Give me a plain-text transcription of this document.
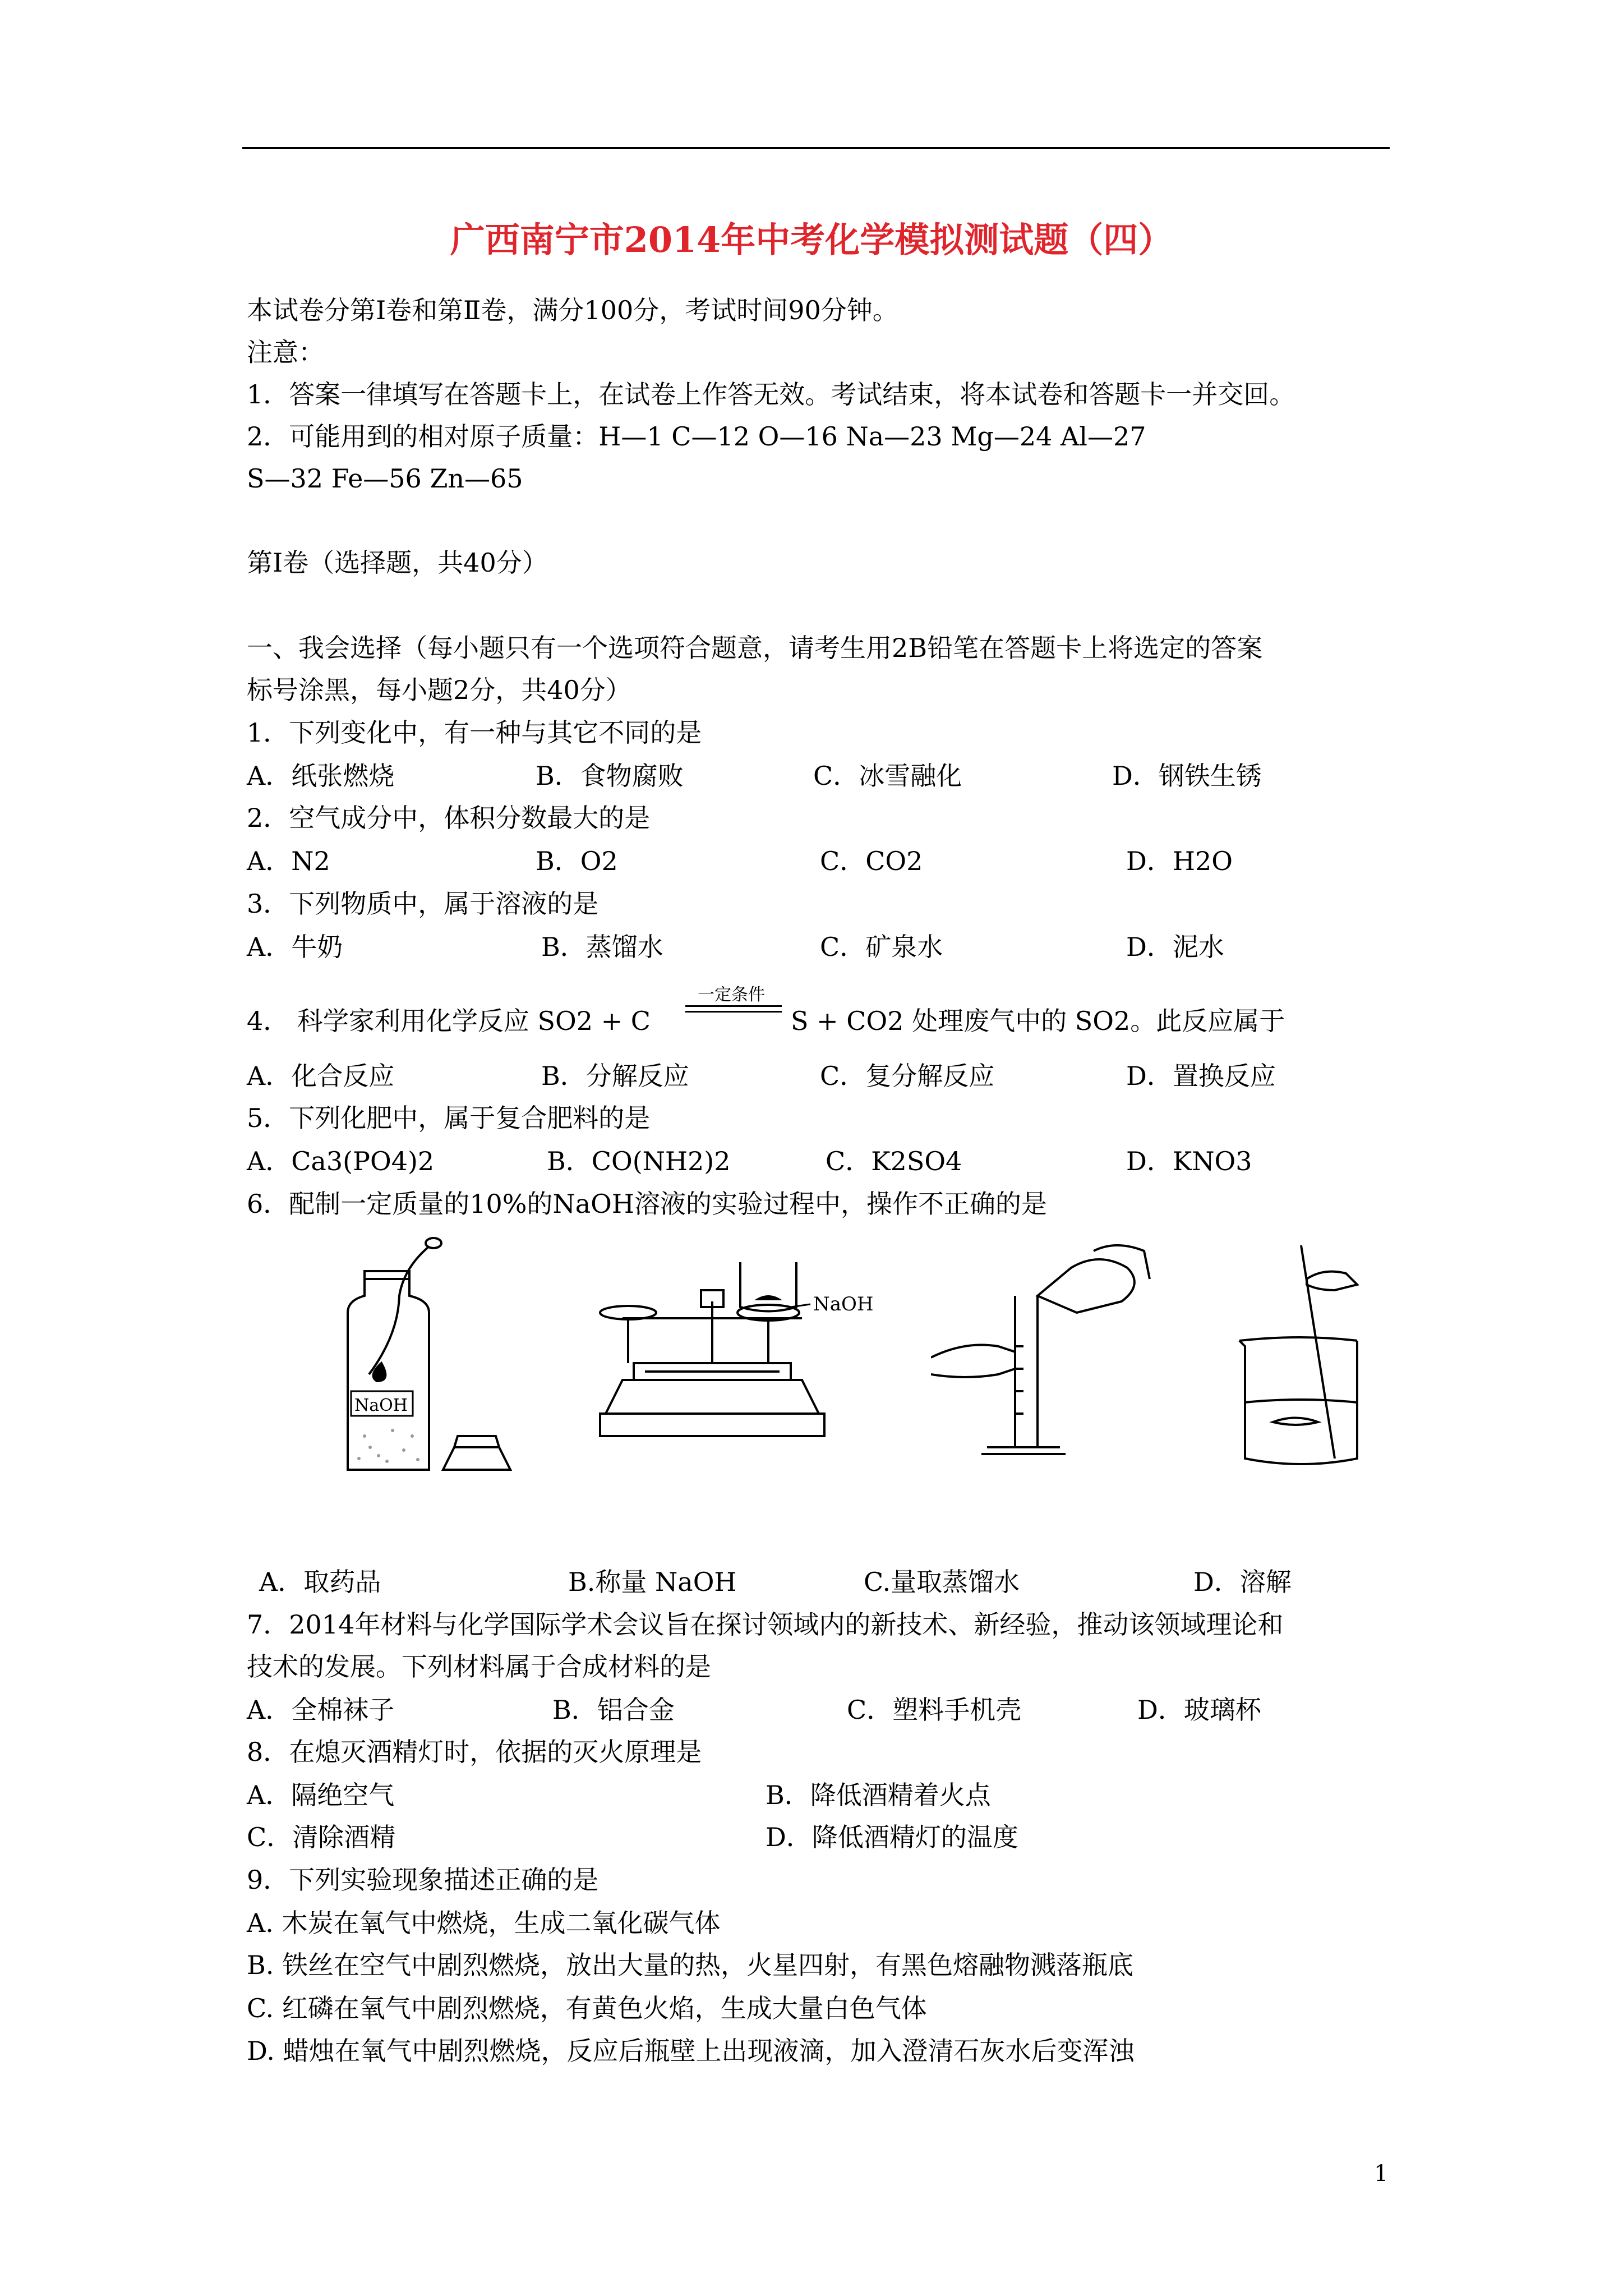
广西南宁市2014年中考化学模拟测试题（四）
本试卷分第Ⅰ卷和第Ⅱ卷，满分100分，考试时间90分钟。
注意：
1．答案一律填写在答题卡上，在试卷上作答无效。考试结束，将本试卷和答题卡一并交回。
2．可能用到的相对原子质量：H—1 C—12 O—16 Na—23 Mg—24 Al—27
S—32 Fe—56 Zn—65
第Ⅰ卷（选择题，共40分）
一、我会选择（每小题只有一个选项符合题意，请考生用2B铅笔在答题卡上将选定的答案
标号涂黑，每小题2分，共40分）
1．下列变化中，有一种与其它不同的是
A．纸张燃烧	B．食物腐败	C．冰雪融化	D．钢铁生锈
2．空气成分中，体积分数最大的是
A．N2	B．O2	C．CO2	D．H2O
3．下列物质中，属于溶液的是
A．牛奶	B．蒸馏水	C．矿泉水	D．泥水
4． 科学家利用化学反应 SO2 + C
一定条件
S + CO2 处理废气中的 SO2。此反应属于
A．化合反应	B．分解反应	C．复分解反应	D．置换反应
5．下列化肥中，属于复合肥料的是
A．Ca3(PO4)2	B．CO(NH2)2	C．K2SO4	D．KNO3
6．配制一定质量的10%的NaOH溶液的实验过程中，操作不正确的是
NaOH
NaOH
A．取药品	B.称量 NaOH	C.量取蒸馏水	D．溶解
7．2014年材料与化学国际学术会议旨在探讨领域内的新技术、新经验，推动该领域理论和
技术的发展。下列材料属于合成材料的是
A．全棉袜子	B．铝合金	C．塑料手机壳	D．玻璃杯
8．在熄灭酒精灯时，依据的灭火原理是
A．隔绝空气	B．降低酒精着火点
C．清除酒精	D．降低酒精灯的温度
9．下列实验现象描述正确的是
A. 木炭在氧气中燃烧，生成二氧化碳气体
B. 铁丝在空气中剧烈燃烧，放出大量的热，火星四射，有黑色熔融物溅落瓶底
C. 红磷在氧气中剧烈燃烧，有黄色火焰，生成大量白色气体
D. 蜡烛在氧气中剧烈燃烧，反应后瓶壁上出现液滴，加入澄清石灰水后变浑浊
1
